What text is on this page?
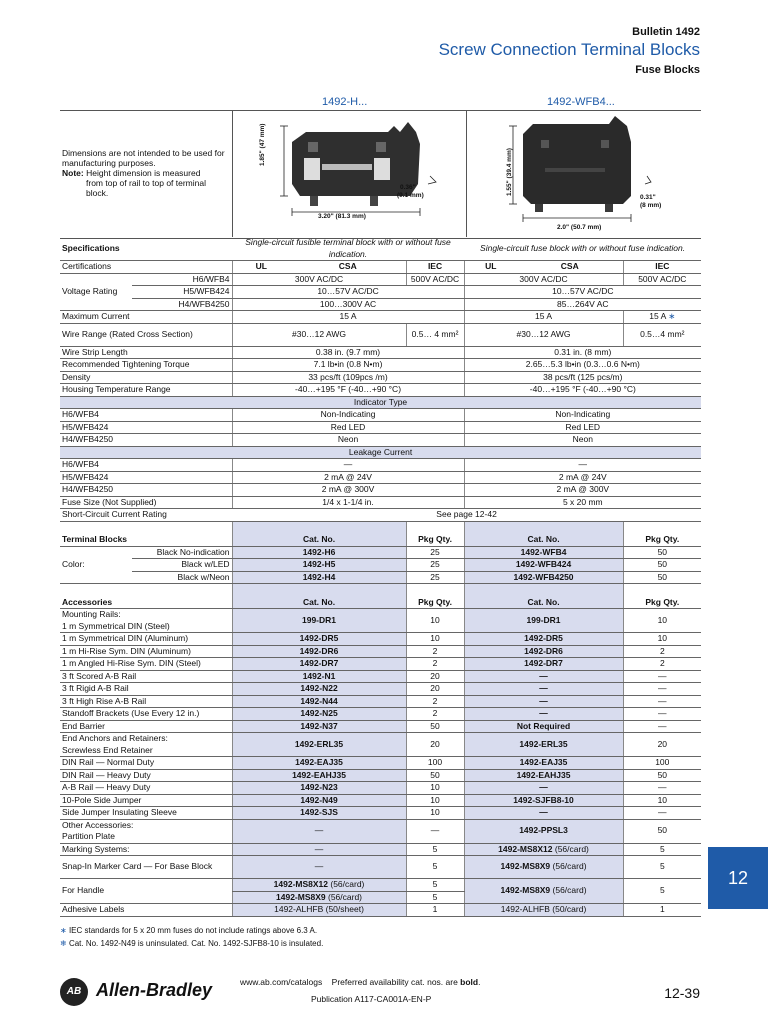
Bulletin 1492
Screw Connection Terminal Blocks
Fuse Blocks
1492-H...	1492-WFB4...
Dimensions are not intended to be used for manufacturing purposes.
Note: Height dimension is measured
from top of rail to top of terminal block.
1.85" (47 mm)
3.20" (81.3 mm)
0.36"
(9.1 mm)	1.55" (39.4 mm)
2.0" (50.7 mm)
0.31"
(8 mm)
Specifications		Single-circuit fusible terminal block with or without fuse indication.			Single-circuit fuse block with or without fuse indication.		
Certifications		UL	CSA	IEC	UL	CSA	IEC
Voltage Rating	H6/WFB4	300V AC/DC		500V AC/DC	300V AC/DC		500V AC/DC
	H5/WFB424	10…57V AC/DC			10…57V AC/DC		
	H4/WFB4250	100…300V AC			85…264V AC		
Maximum Current		15 A			15 A		15 A ∗
Wire Range (Rated Cross Section)		#30…12 AWG		0.5… 4 mm²	#30…12 AWG		0.5…4 mm²
Wire Strip Length		0.38 in. (9.7 mm)			0.31 in. (8 mm)		
Recommended Tightening Torque		7.1 lb•in (0.8 N•m)			2.65…5.3 lb•in (0.3…0.6 N•m)		
Density		33 pcs/ft (109pcs /m)			38 pcs/ft (125 pcs/m)		
Housing Temperature Range		-40…+195 °F (-40…+90 °C)			-40…+195 °F (-40…+90 °C)		
Indicator Type							
H6/WFB4		Non-Indicating			Non-Indicating		
H5/WFB424		Red LED			Red LED		
H4/WFB4250		Neon			Neon		
Leakage Current							
H6/WFB4		—			—		
H5/WFB424		2 mA @ 24V			2 mA @ 24V		
H4/WFB4250		2 mA @ 300V			2 mA @ 300V		
Fuse Size (Not Supplied)		1/4 x 1-1/4 in.			5 x 20 mm		
Short-Circuit Current Rating		See page 12-42					
Terminal Blocks		Cat. No.		Pkg Qty.	Cat. No.		Pkg Qty.
Color:	Black No-indication	1492-H6		25	1492-WFB4		50
	Black w/LED	1492-H5		25	1492-WFB424		50
	Black w/Neon	1492-H4		25	1492-WFB4250		50
Accessories		Cat. No.		Pkg Qty.	Cat. No.		Pkg Qty.
Mounting Rails:
1 m Symmetrical DIN (Steel)		199-DR1		10	199-DR1		10
1 m Symmetrical DIN (Aluminum)		1492-DR5		10	1492-DR5		10
1 m Hi-Rise Sym. DIN (Aluminum)		1492-DR6		2	1492-DR6		2
1 m Angled Hi-Rise Sym. DIN (Steel)		1492-DR7		2	1492-DR7		2
3 ft Scored A-B Rail		1492-N1		20	—		—
3 ft Rigid A-B Rail		1492-N22		20	—		—
3 ft High Rise A-B Rail		1492-N44		2	—		—
Standoff Brackets (Use Every 12 in.)		1492-N25		2	—		—
End Barrier		1492-N37		50	Not Required		—
End Anchors and Retainers:
Screwless End Retainer		1492-ERL35		20	1492-ERL35		20
DIN Rail — Normal Duty		1492-EAJ35		100	1492-EAJ35		100
DIN Rail — Heavy Duty		1492-EAHJ35		50	1492-EAHJ35		50
A-B Rail — Heavy Duty		1492-N23		10	—		—
10-Pole Side Jumper		1492-N49		10	1492-SJFB8-10		10
Side Jumper Insulating Sleeve		1492-SJS		10	—		—
Other Accessories:
Partition Plate		—		—	1492-PPSL3		50
Marking Systems:		—		5	1492-MS8X12 (56/card)		5
Snap-In Marker Card — For Base Block		—		5	1492-MS8X9 (56/card)		5
For Handle		1492-MS8X12 (56/card)		5	1492-MS8X9 (56/card)		5
		1492-MS8X9 (56/card)		5			
Adhesive Labels		1492-ALHFB (50/sheet)		1	1492-ALHFB (50/card)		1
∗ IEC standards for 5 x 20 mm fuses do not include ratings above 6.3 A.
❄ Cat. No. 1492-N49 is uninsulated. Cat. No. 1492-SJFB8-10 is insulated.
12
AB Allen-Bradley	www.ab.com/catalogs Preferred availability cat. nos. are bold.
Publication A117-CA001A-EN-P	12-39
